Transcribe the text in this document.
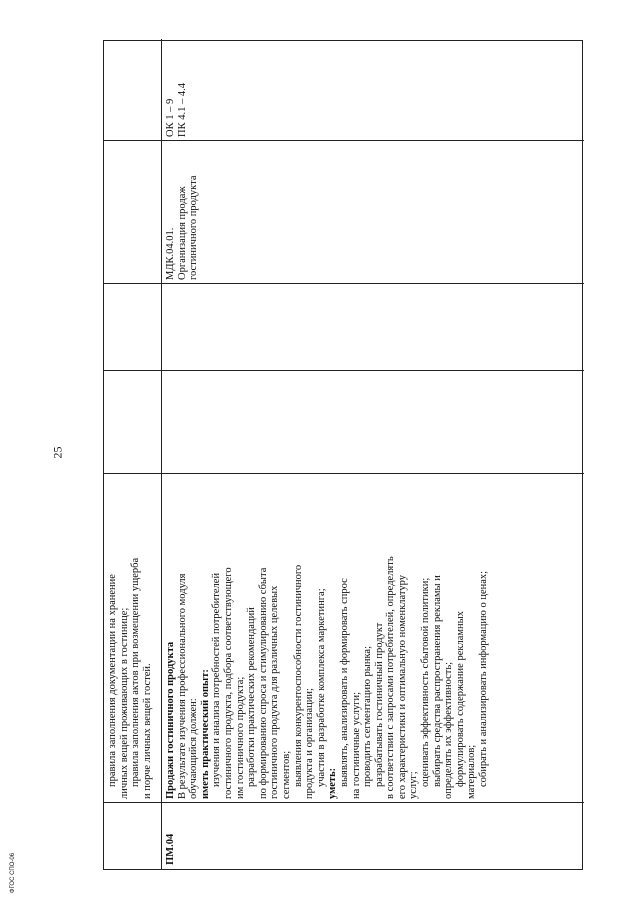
25
правила заполнения документации на хранение личных вещей проживающих в гостинице; правила заполнения актов при возмещении ущерба и порче личных вещей гостей.
ПМ.04
Продажи гостиничного продукта В результате изучения профессионального модуля обучающийся должен: иметь практический опыт: изучения и анализа потребностей потребителей гостиничного продукта, подбора соответствующего им гостиничного продукта; разработки практических рекомендаций по формированию спроса и стимулированию сбыта гостиничного продукта для различных целевых сегментов; выявления конкурентоспособности гостиничного продукта и организации; участия в разработке комплекса маркетинга; уметь: выявлять, анализировать и формировать спрос на гостиничные услуги; проводить сегментацию рынка; разрабатывать гостиничный продукт в соответствии с запросами потребителей, определять его характеристики и оптимальную номенклатуру услуг; оценивать эффективность сбытовой политики; выбирать средства распространения рекламы и определять их эффективность; формулировать содержание рекламных материалов; собирать и анализировать информацию о ценах;
МДК.04.01. Организация продаж гостиничного продукта
ОК 1 – 9 ПК 4.1 – 4.4
ФГОС СПО-06
